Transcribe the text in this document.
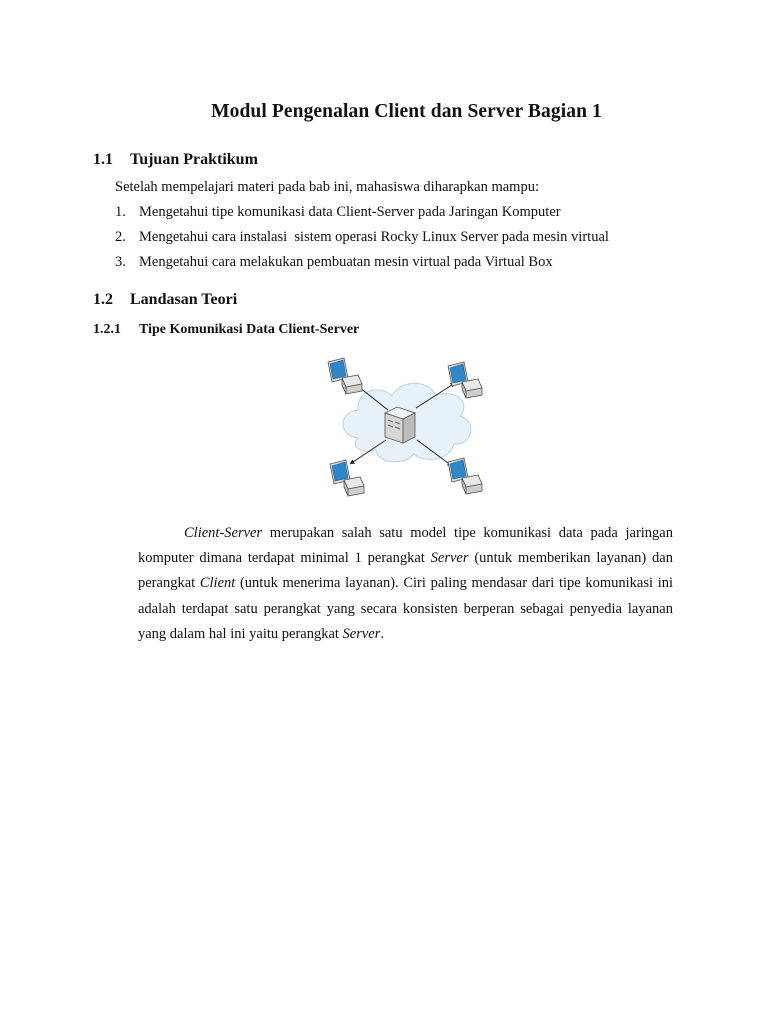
Modul Pengenalan Client dan Server Bagian 1
1.1 Tujuan Praktikum
Setelah mempelajari materi pada bab ini, mahasiswa diharapkan mampu:
1. Mengetahui tipe komunikasi data Client-Server pada Jaringan Komputer
2. Mengetahui cara instalasi  sistem operasi Rocky Linux Server pada mesin virtual
3. Mengetahui cara melakukan pembuatan mesin virtual pada Virtual Box
1.2 Landasan Teori
1.2.1 Tipe Komunikasi Data Client-Server
Client-Server merupakan salah satu model tipe komunikasi data pada jaringan komputer dimana terdapat minimal 1 perangkat Server (untuk memberikan layanan) dan perangkat Client (untuk menerima layanan). Ciri paling mendasar dari tipe komunikasi ini adalah terdapat satu perangkat yang secara konsisten berperan sebagai penyedia layanan yang dalam hal ini yaitu perangkat Server.
